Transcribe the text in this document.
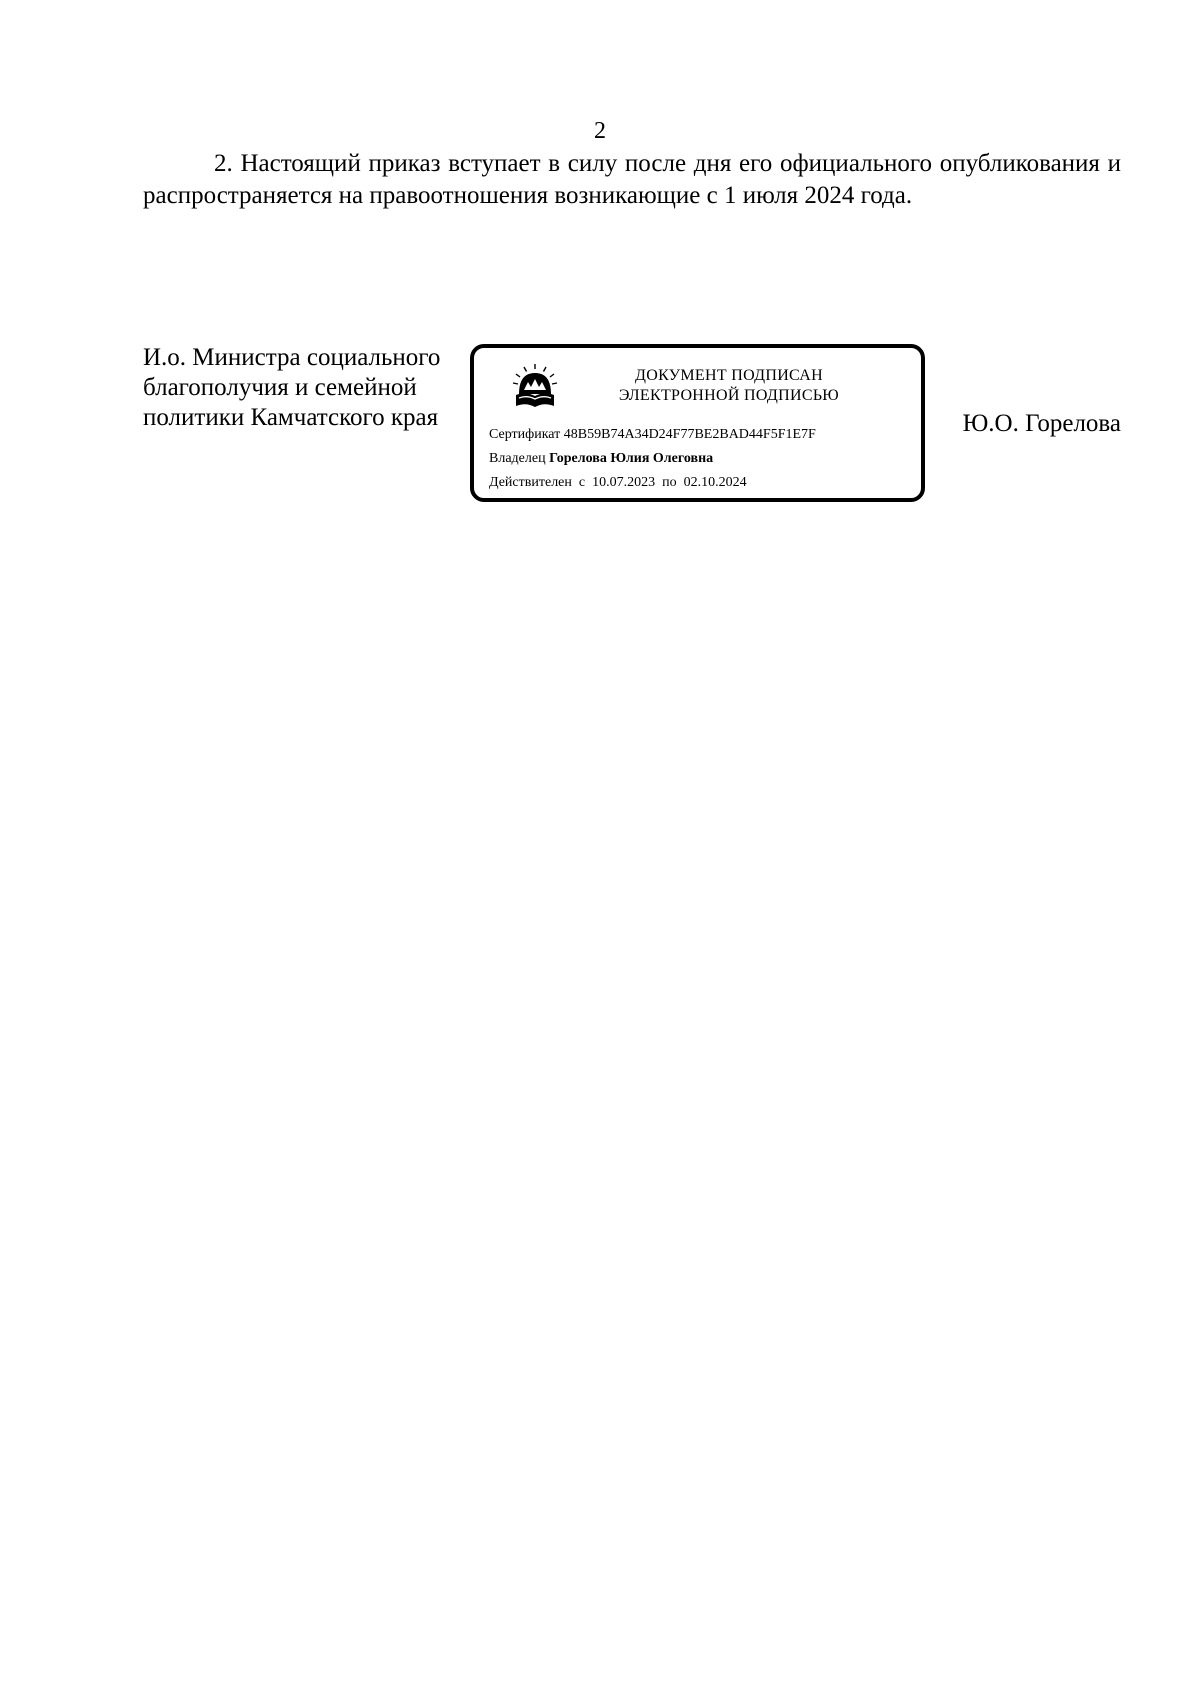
2

2. Настоящий приказ вступает в силу после дня его официального опубликования и распространяется на правоотношения возникающие с 1 июля 2024 года.

И.о. Министра социального
благополучия и семейной
политики Камчатского края
ДОКУМЕНТ ПОДПИСАН
ЭЛЕКТРОННОЙ ПОДПИСЬЮ
Сертификат 48B59B74A34D24F77BE2BAD44F5F1E7F
Владелец Горелова Юлия Олеговна
Действителен с 10.07.2023 по 02.10.2024
Ю.О. Горелова
